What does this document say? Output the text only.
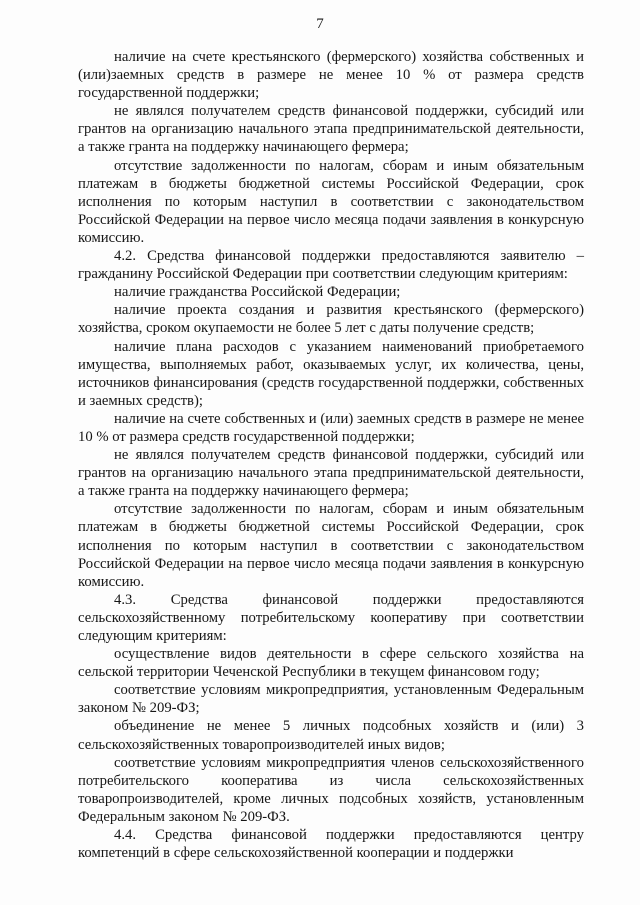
7

наличие на счете крестьянского (фермерского) хозяйства собственных и (или)заемных средств в размере не менее 10 % от размера средств государственной поддержки;

не являлся получателем средств финансовой поддержки, субсидий или грантов на организацию начального этапа предпринимательской деятельности, а также гранта на поддержку начинающего фермера;

отсутствие задолженности по налогам, сборам и иным обязательным платежам в бюджеты бюджетной системы Российской Федерации, срок исполнения по которым наступил в соответствии с законодательством Российской Федерации на первое число месяца подачи заявления в конкурсную комиссию.

4.2. Средства финансовой поддержки предоставляются заявителю – гражданину Российской Федерации при соответствии следующим критериям:

наличие гражданства Российской Федерации;

наличие проекта создания и развития крестьянского (фермерского) хозяйства, сроком окупаемости не более 5 лет с даты получение средств;

наличие плана расходов с указанием наименований приобретаемого имущества, выполняемых работ, оказываемых услуг, их количества, цены, источников финансирования (средств государственной поддержки, собственных и заемных средств);

наличие на счете собственных и (или) заемных средств в размере не менее 10 % от размера средств государственной поддержки;

не являлся получателем средств финансовой поддержки, субсидий или грантов на организацию начального этапа предпринимательской деятельности, а также гранта на поддержку начинающего фермера;

отсутствие задолженности по налогам, сборам и иным обязательным платежам в бюджеты бюджетной системы Российской Федерации, срок исполнения по которым наступил в соответствии с законодательством Российской Федерации на первое число месяца подачи заявления в конкурсную комиссию.

4.3. Средства финансовой поддержки предоставляются сельскохозяйственному потребительскому кооперативу при соответствии следующим критериям:

осуществление видов деятельности в сфере сельского хозяйства на сельской территории Чеченской Республики в текущем финансовом году;

соответствие условиям микропредприятия, установленным Федеральным законом № 209-ФЗ;

объединение не менее 5 личных подсобных хозяйств и (или) 3 сельскохозяйственных товаропроизводителей иных видов;

соответствие условиям микропредприятия членов сельскохозяйственного потребительского кооператива из числа сельскохозяйственных товаропроизводителей, кроме личных подсобных хозяйств, установленным Федеральным законом № 209-ФЗ.

4.4. Средства финансовой поддержки предоставляются центру компетенций в сфере сельскохозяйственной кооперации и поддержки
